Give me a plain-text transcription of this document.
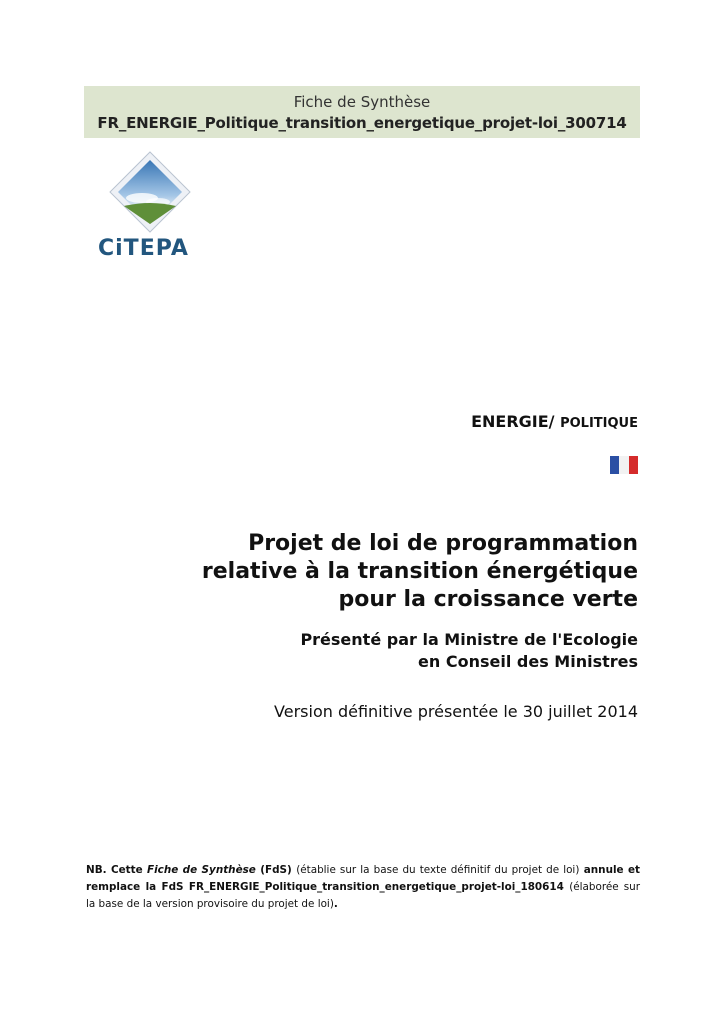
Fiche de Synthèse
FR_ENERGIE_Politique_transition_energetique_projet-loi_300714
CiTEPA
ENERGIE/ POLITIQUE
Projet de loi de programmation
relative à la transition énergétique
pour la croissance verte
Présenté par la Ministre de l'Ecologie
en Conseil des Ministres
Version définitive présentée le 30 juillet 2014
NB. Cette Fiche de Synthèse (FdS) (établie sur la base du texte définitif du projet de loi) annule et remplace la FdS FR_ENERGIE_Politique_transition_energetique_projet-loi_180614 (élaborée sur la base de la version provisoire du projet de loi).
